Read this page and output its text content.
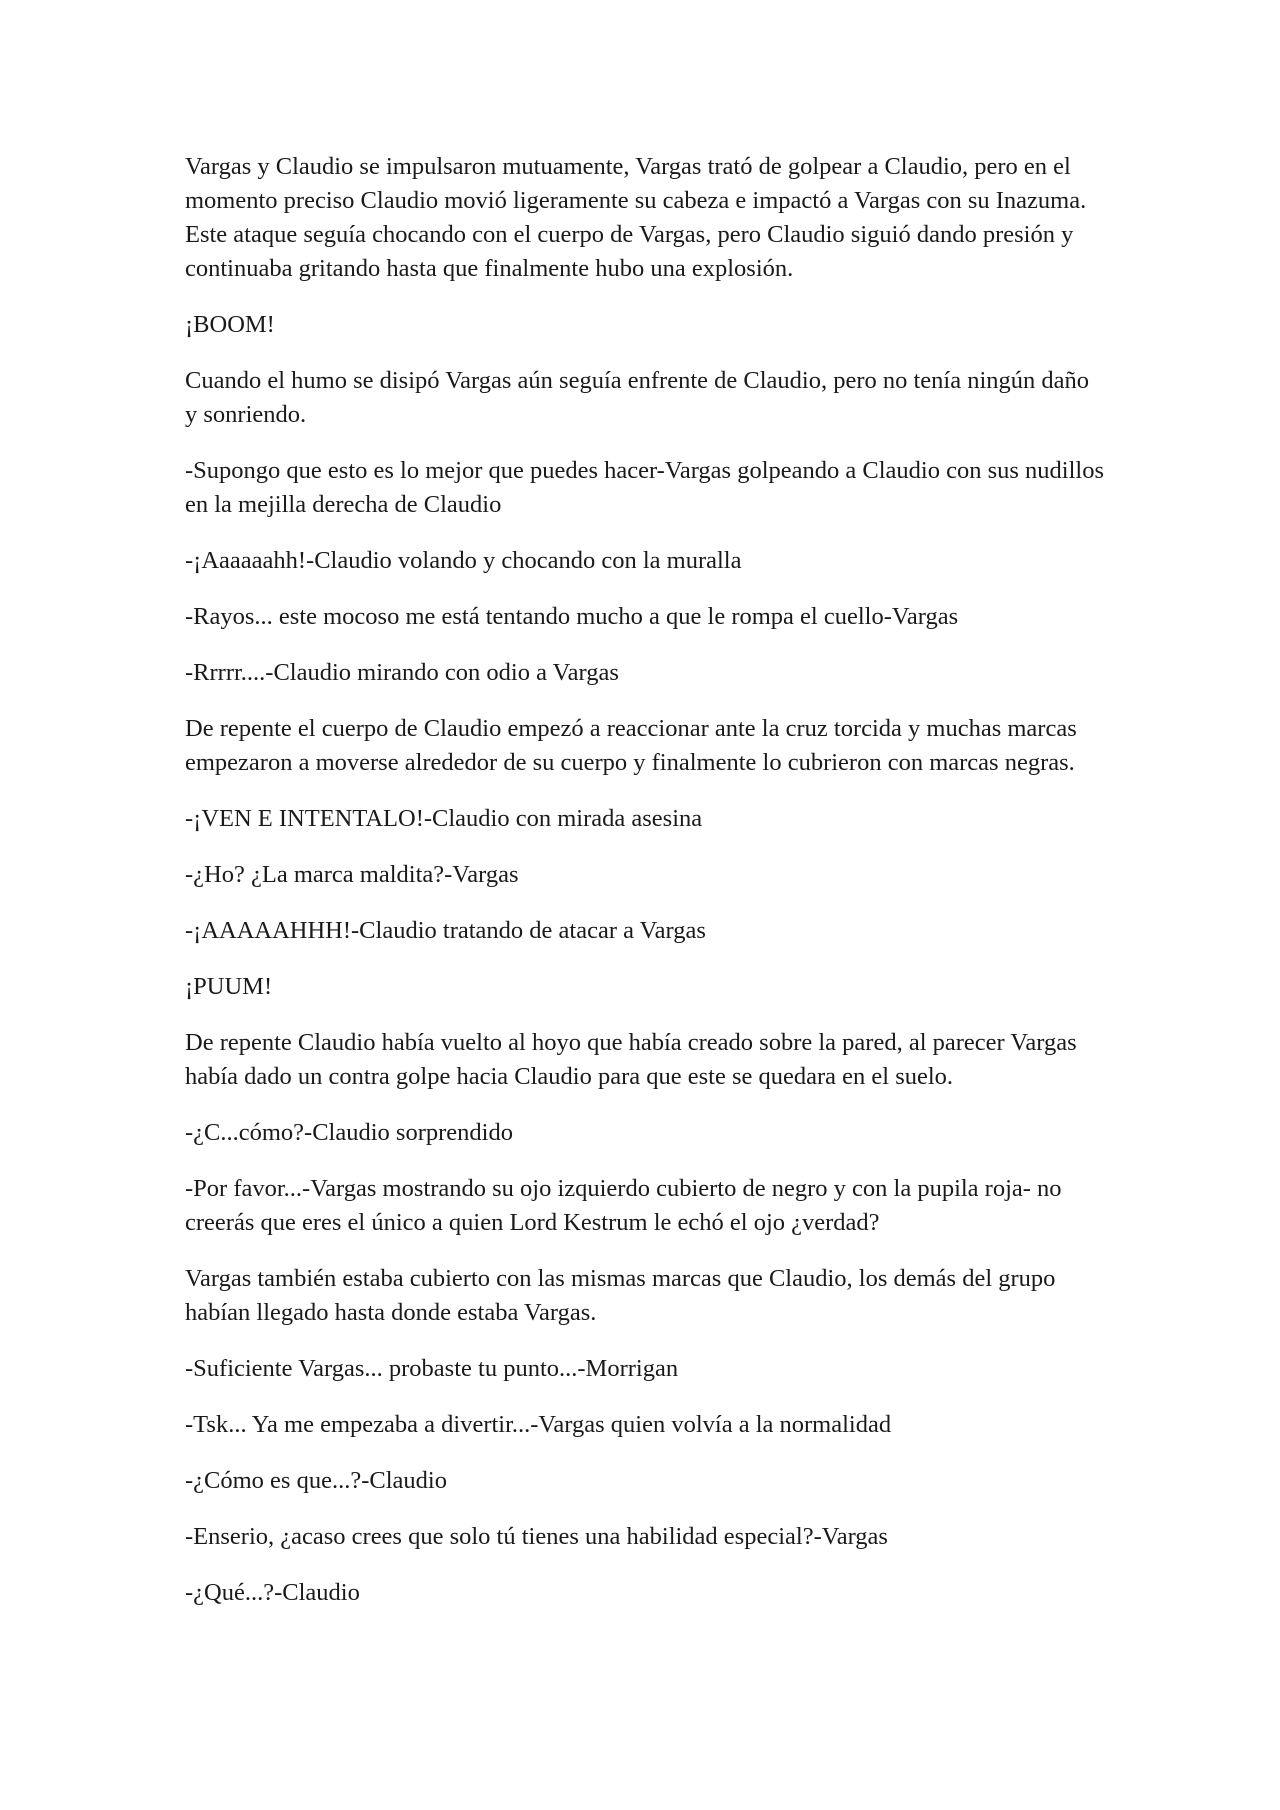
Vargas y Claudio se impulsaron mutuamente, Vargas trató de golpear a Claudio, pero en el momento preciso Claudio movió ligeramente su cabeza e impactó a Vargas con su Inazuma. Este ataque seguía chocando con el cuerpo de Vargas, pero Claudio siguió dando presión y continuaba gritando hasta que finalmente hubo una explosión.

¡BOOM!

Cuando el humo se disipó Vargas aún seguía enfrente de Claudio, pero no tenía ningún daño y sonriendo.

-Supongo que esto es lo mejor que puedes hacer-Vargas golpeando a Claudio con sus nudillos en la mejilla derecha de Claudio

-¡Aaaaaahh!-Claudio volando y chocando con la muralla

-Rayos... este mocoso me está tentando mucho a que le rompa el cuello-Vargas

-Rrrrr....-Claudio mirando con odio a Vargas

De repente el cuerpo de Claudio empezó a reaccionar ante la cruz torcida y muchas marcas empezaron a moverse alrededor de su cuerpo y finalmente lo cubrieron con marcas negras.

-¡VEN E INTENTALO!-Claudio con mirada asesina

-¿Ho? ¿La marca maldita?-Vargas

-¡AAAAAHHH!-Claudio tratando de atacar a Vargas

¡PUUM!

De repente Claudio había vuelto al hoyo que había creado sobre la pared, al parecer Vargas había dado un contra golpe hacia Claudio para que este se quedara en el suelo.

-¿C...cómo?-Claudio sorprendido

-Por favor...-Vargas mostrando su ojo izquierdo cubierto de negro y con la pupila roja- no creerás que eres el único a quien Lord Kestrum le echó el ojo ¿verdad?

Vargas también estaba cubierto con las mismas marcas que Claudio, los demás del grupo habían llegado hasta donde estaba Vargas.

-Suficiente Vargas... probaste tu punto...-Morrigan

-Tsk... Ya me empezaba a divertir...-Vargas quien volvía a la normalidad

-¿Cómo es que...?-Claudio

-Enserio, ¿acaso crees que solo tú tienes una habilidad especial?-Vargas

-¿Qué...?-Claudio
